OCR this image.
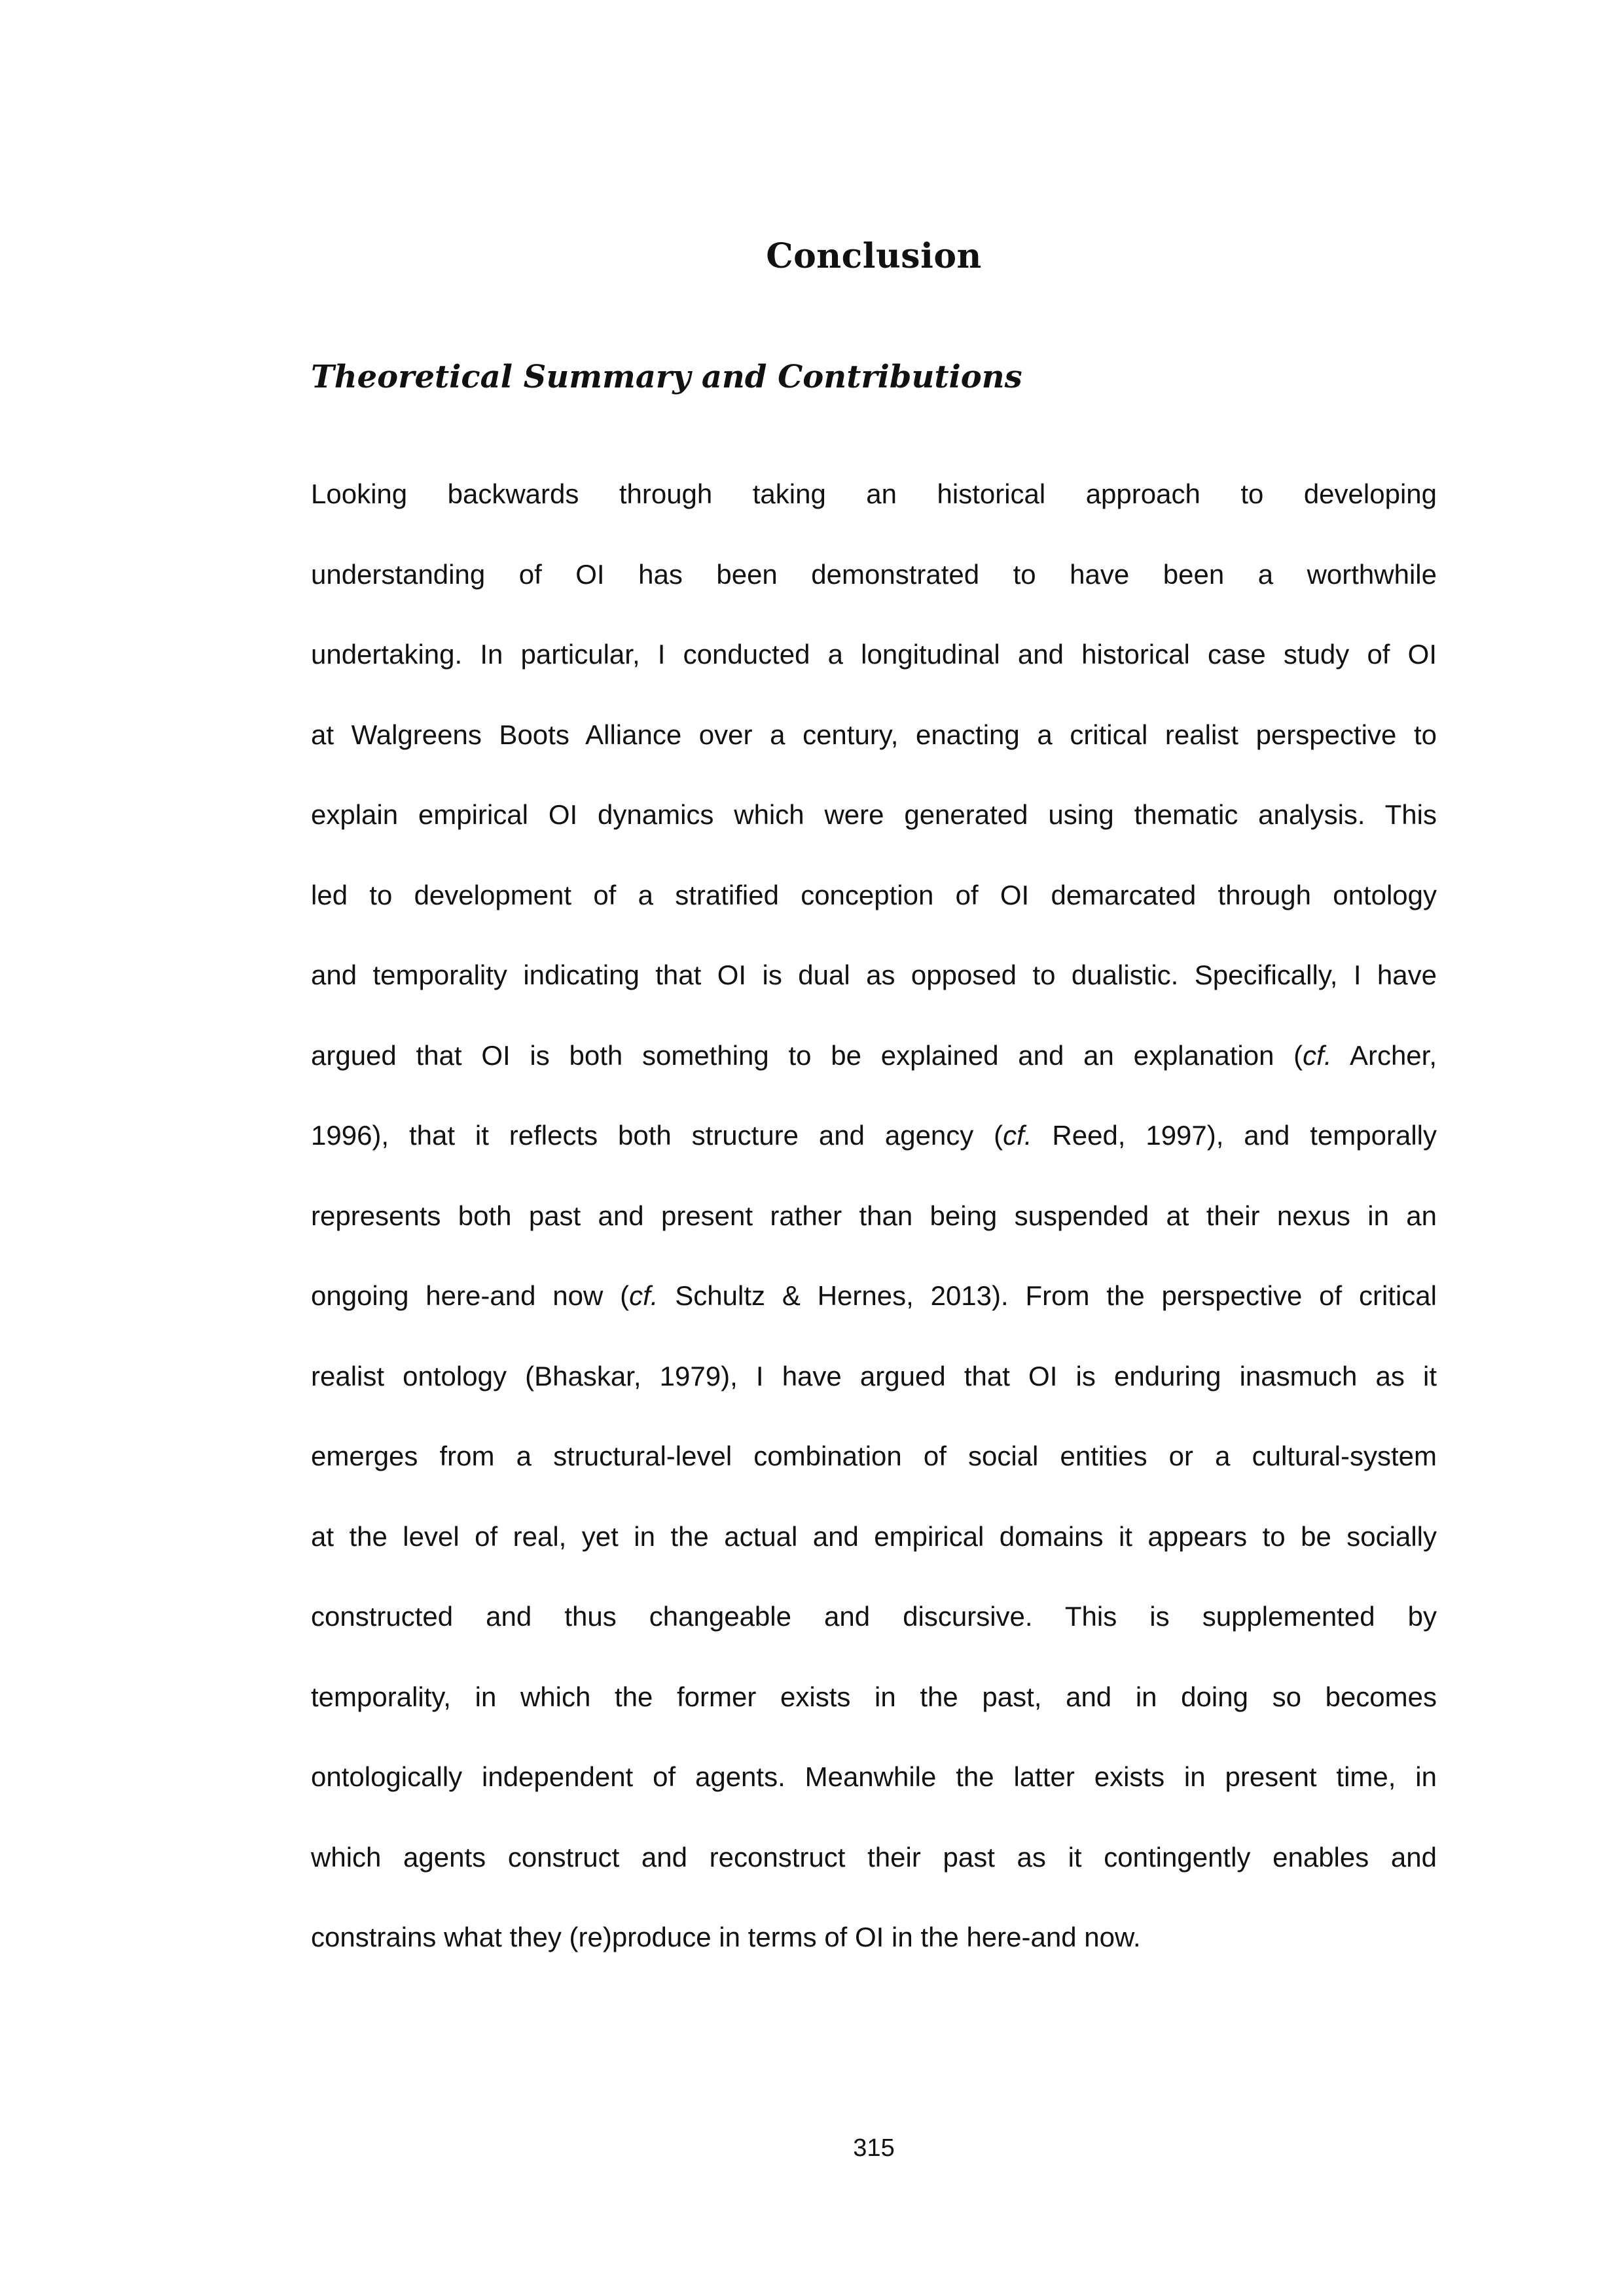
Conclusion
Theoretical Summary and Contributions
Looking backwards through taking an historical approach to developing
understanding of OI has been demonstrated to have been a worthwhile
undertaking. In particular, I conducted a longitudinal and historical case study of OI
at Walgreens Boots Alliance over a century, enacting a critical realist perspective to
explain empirical OI dynamics which were generated using thematic analysis. This
led to development of a stratified conception of OI demarcated through ontology
and temporality indicating that OI is dual as opposed to dualistic. Specifically, I have
argued that OI is both something to be explained and an explanation (cf. Archer,
1996), that it reflects both structure and agency (cf. Reed, 1997), and temporally
represents both past and present rather than being suspended at their nexus in an
ongoing here-and now (cf. Schultz & Hernes, 2013). From the perspective of critical
realist ontology (Bhaskar, 1979), I have argued that OI is enduring inasmuch as it
emerges from a structural-level combination of social entities or a cultural-system
at the level of real, yet in the actual and empirical domains it appears to be socially
constructed and thus changeable and discursive. This is supplemented by
temporality, in which the former exists in the past, and in doing so becomes
ontologically independent of agents. Meanwhile the latter exists in present time, in
which agents construct and reconstruct their past as it contingently enables and
constrains what they (re)produce in terms of OI in the here-and now.
315
